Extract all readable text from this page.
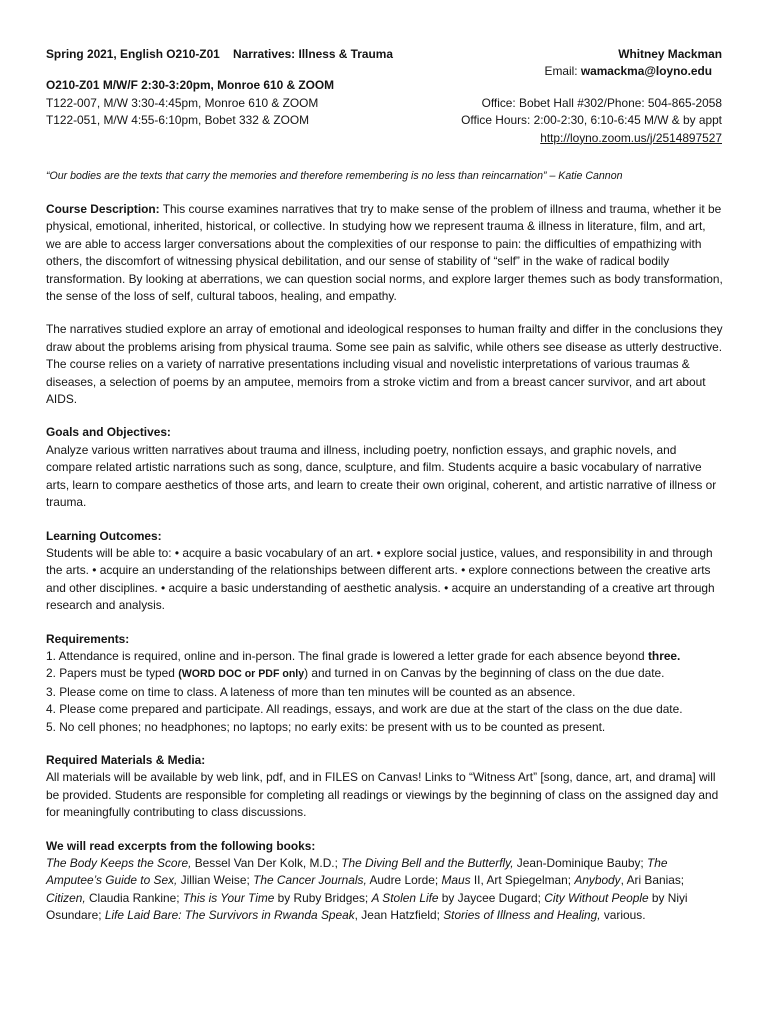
Spring 2021, English O210-Z01    Narratives: Illness & Trauma
O210-Z01 M/W/F 2:30-3:20pm, Monroe 610 & ZOOM
T122-007, M/W 3:30-4:45pm, Monroe 610 & ZOOM
T122-051, M/W 4:55-6:10pm, Bobet 332 & ZOOM
Whitney Mackman
Email: wamackma@loyno.edu
Office: Bobet Hall #302/Phone: 504-865-2058
Office Hours: 2:00-2:30, 6:10-6:45 M/W & by appt
http://loyno.zoom.us/j/2514897527
“Our bodies are the texts that carry the memories and therefore remembering is no less than reincarnation” – Katie Cannon

Course Description: This course examines narratives that try to make sense of the problem of illness and trauma, whether it be physical, emotional, inherited, historical, or collective. In studying how we represent trauma & illness in literature, film, and art, we are able to access larger conversations about the complexities of our response to pain: the difficulties of empathizing with others, the discomfort of witnessing physical debilitation, and our sense of stability of “self” in the wake of radical bodily transformation. By looking at aberrations, we can question social norms, and explore larger themes such as body transformation, the sense of the loss of self, cultural taboos, healing, and empathy.

The narratives studied explore an array of emotional and ideological responses to human frailty and differ in the conclusions they draw about the problems arising from physical trauma. Some see pain as salvific, while others see disease as utterly destructive. The course relies on a variety of narrative presentations including visual and novelistic interpretations of various traumas & diseases, a selection of poems by an amputee, memoirs from a stroke victim and from a breast cancer survivor, and art about AIDS.

Goals and Objectives:

Analyze various written narratives about trauma and illness, including poetry, nonfiction essays, and graphic novels, and compare related artistic narrations such as song, dance, sculpture, and film. Students acquire a basic vocabulary of narrative arts, learn to compare aesthetics of those arts, and learn to create their own original, coherent, and artistic narrative of illness or trauma.

Learning Outcomes:

Students will be able to: • acquire a basic vocabulary of an art. • explore social justice, values, and responsibility in and through the arts. • acquire an understanding of the relationships between different arts. • explore connections between the creative arts and other disciplines. • acquire a basic understanding of aesthetic analysis. • acquire an understanding of a creative art through research and analysis.

Requirements:

1. Attendance is required, online and in-person. The final grade is lowered a letter grade for each absence beyond three.

2. Papers must be typed (WORD DOC or PDF only) and turned in on Canvas by the beginning of class on the due date.

3. Please come on time to class. A lateness of more than ten minutes will be counted as an absence.

4. Please come prepared and participate. All readings, essays, and work are due at the start of the class on the due date.

5. No cell phones; no headphones; no laptops; no early exits: be present with us to be counted as present.

Required Materials & Media:

All materials will be available by web link, pdf, and in FILES on Canvas! Links to “Witness Art” [song, dance, art, and drama] will be provided. Students are responsible for completing all readings or viewings by the beginning of class on the assigned day and for meaningfully contributing to class discussions.

We will read excerpts from the following books:

The Body Keeps the Score, Bessel Van Der Kolk, M.D.; The Diving Bell and the Butterfly, Jean-Dominique Bauby; The Amputee’s Guide to Sex, Jillian Weise; The Cancer Journals, Audre Lorde; Maus II, Art Spiegelman; Anybody, Ari Banias; Citizen, Claudia Rankine; This is Your Time by Ruby Bridges; A Stolen Life by Jaycee Dugard; City Without People by Niyi Osundare; Life Laid Bare: The Survivors in Rwanda Speak, Jean Hatzfield; Stories of Illness and Healing, various.
